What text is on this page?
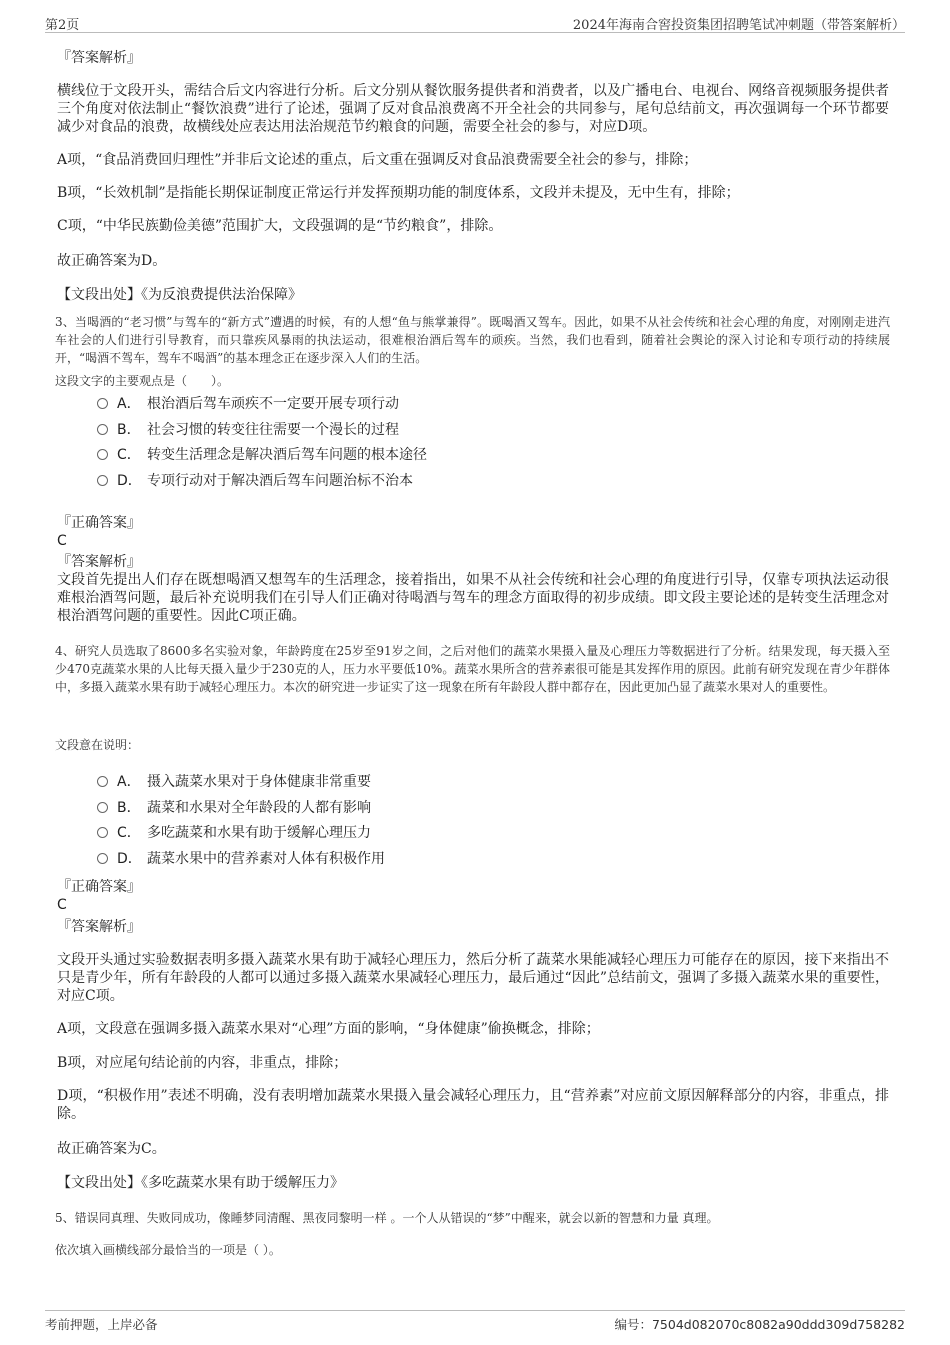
第2页	2024年海南合窖投资集团招聘笔试冲刺题（带答案解析）

『答案解析』

横线位于文段开头，需结合后文内容进行分析。后文分别从餐饮服务提供者和消费者，以及广播电台、电视台、网络音视频服务提供者三个角度对依法制止“餐饮浪费”进行了论述，强调了反对食品浪费离不开全社会的共同参与，尾句总结前文，再次强调每一个环节都要减少对食品的浪费，故横线处应表达用法治规范节约粮食的问题，需要全社会的参与，对应D项。

A项，“食品消费回归理性”并非后文论述的重点，后文重在强调反对食品浪费需要全社会的参与，排除；

B项，“长效机制”是指能长期保证制度正常运行并发挥预期功能的制度体系，文段并未提及，无中生有，排除；

C项，“中华民族勤俭美德”范围扩大，文段强调的是“节约粮食”，排除。

故正确答案为D。

【文段出处】《为反浪费提供法治保障》

3、当喝酒的“老习惯”与驾车的“新方式”遭遇的时候，有的人想“鱼与熊掌兼得”。既喝酒又驾车。因此，如果不从社会传统和社会心理的角度，对刚刚走进汽车社会的人们进行引导教育，而只靠疾风暴雨的执法运动，很难根治酒后驾车的顽疾。当然，我们也看到，随着社会舆论的深入讨论和专项行动的持续展开，“喝酒不驾车，驾车不喝酒”的基本理念正在逐步深入人们的生活。

这段文字的主要观点是（　　）。

A． 根治酒后驾车顽疾不一定要开展专项行动
B． 社会习惯的转变往往需要一个漫长的过程
C． 转变生活理念是解决酒后驾车问题的根本途径
D． 专项行动对于解决酒后驾车问题治标不治本

『正确答案』

C

『答案解析』

文段首先提出人们存在既想喝酒又想驾车的生活理念，接着指出，如果不从社会传统和社会心理的角度进行引导，仅靠专项执法运动很难根治酒驾问题，最后补充说明我们在引导人们正确对待喝酒与驾车的理念方面取得的初步成绩。即文段主要论述的是转变生活理念对根治酒驾问题的重要性。因此C项正确。

4、研究人员选取了8600多名实验对象，年龄跨度在25岁至91岁之间，之后对他们的蔬菜水果摄入量及心理压力等数据进行了分析。结果发现，每天摄入至少470克蔬菜水果的人比每天摄入量少于230克的人，压力水平要低10%。蔬菜水果所含的营养素很可能是其发挥作用的原因。此前有研究发现在青少年群体中，多摄入蔬菜水果有助于减轻心理压力。本次的研究进一步证实了这一现象在所有年龄段人群中都存在，因此更加凸显了蔬菜水果对人的重要性。

文段意在说明：

A． 摄入蔬菜水果对于身体健康非常重要
B． 蔬菜和水果对全年龄段的人都有影响
C． 多吃蔬菜和水果有助于缓解心理压力
D． 蔬菜水果中的营养素对人体有积极作用

『正确答案』

C

『答案解析』

文段开头通过实验数据表明多摄入蔬菜水果有助于减轻心理压力，然后分析了蔬菜水果能减轻心理压力可能存在的原因，接下来指出不只是青少年，所有年龄段的人都可以通过多摄入蔬菜水果减轻心理压力，最后通过“因此”总结前文，强调了多摄入蔬菜水果的重要性，对应C项。

A项，文段意在强调多摄入蔬菜水果对“心理”方面的影响，“身体健康”偷换概念，排除；

B项，对应尾句结论前的内容，非重点，排除；

D项，“积极作用”表述不明确，没有表明增加蔬菜水果摄入量会减轻心理压力，且“营养素”对应前文原因解释部分的内容，非重点，排除。

故正确答案为C。

【文段出处】《多吃蔬菜水果有助于缓解压力》

5、错误同真理、失败同成功，像睡梦同清醒、黑夜同黎明一样 。一个人从错误的“梦”中醒来，就会以新的智慧和力量 真理。

依次填入画横线部分最恰当的一项是（ ）。

考前押题，上岸必备	编号：7504d082070c8082a90ddd309d758282
